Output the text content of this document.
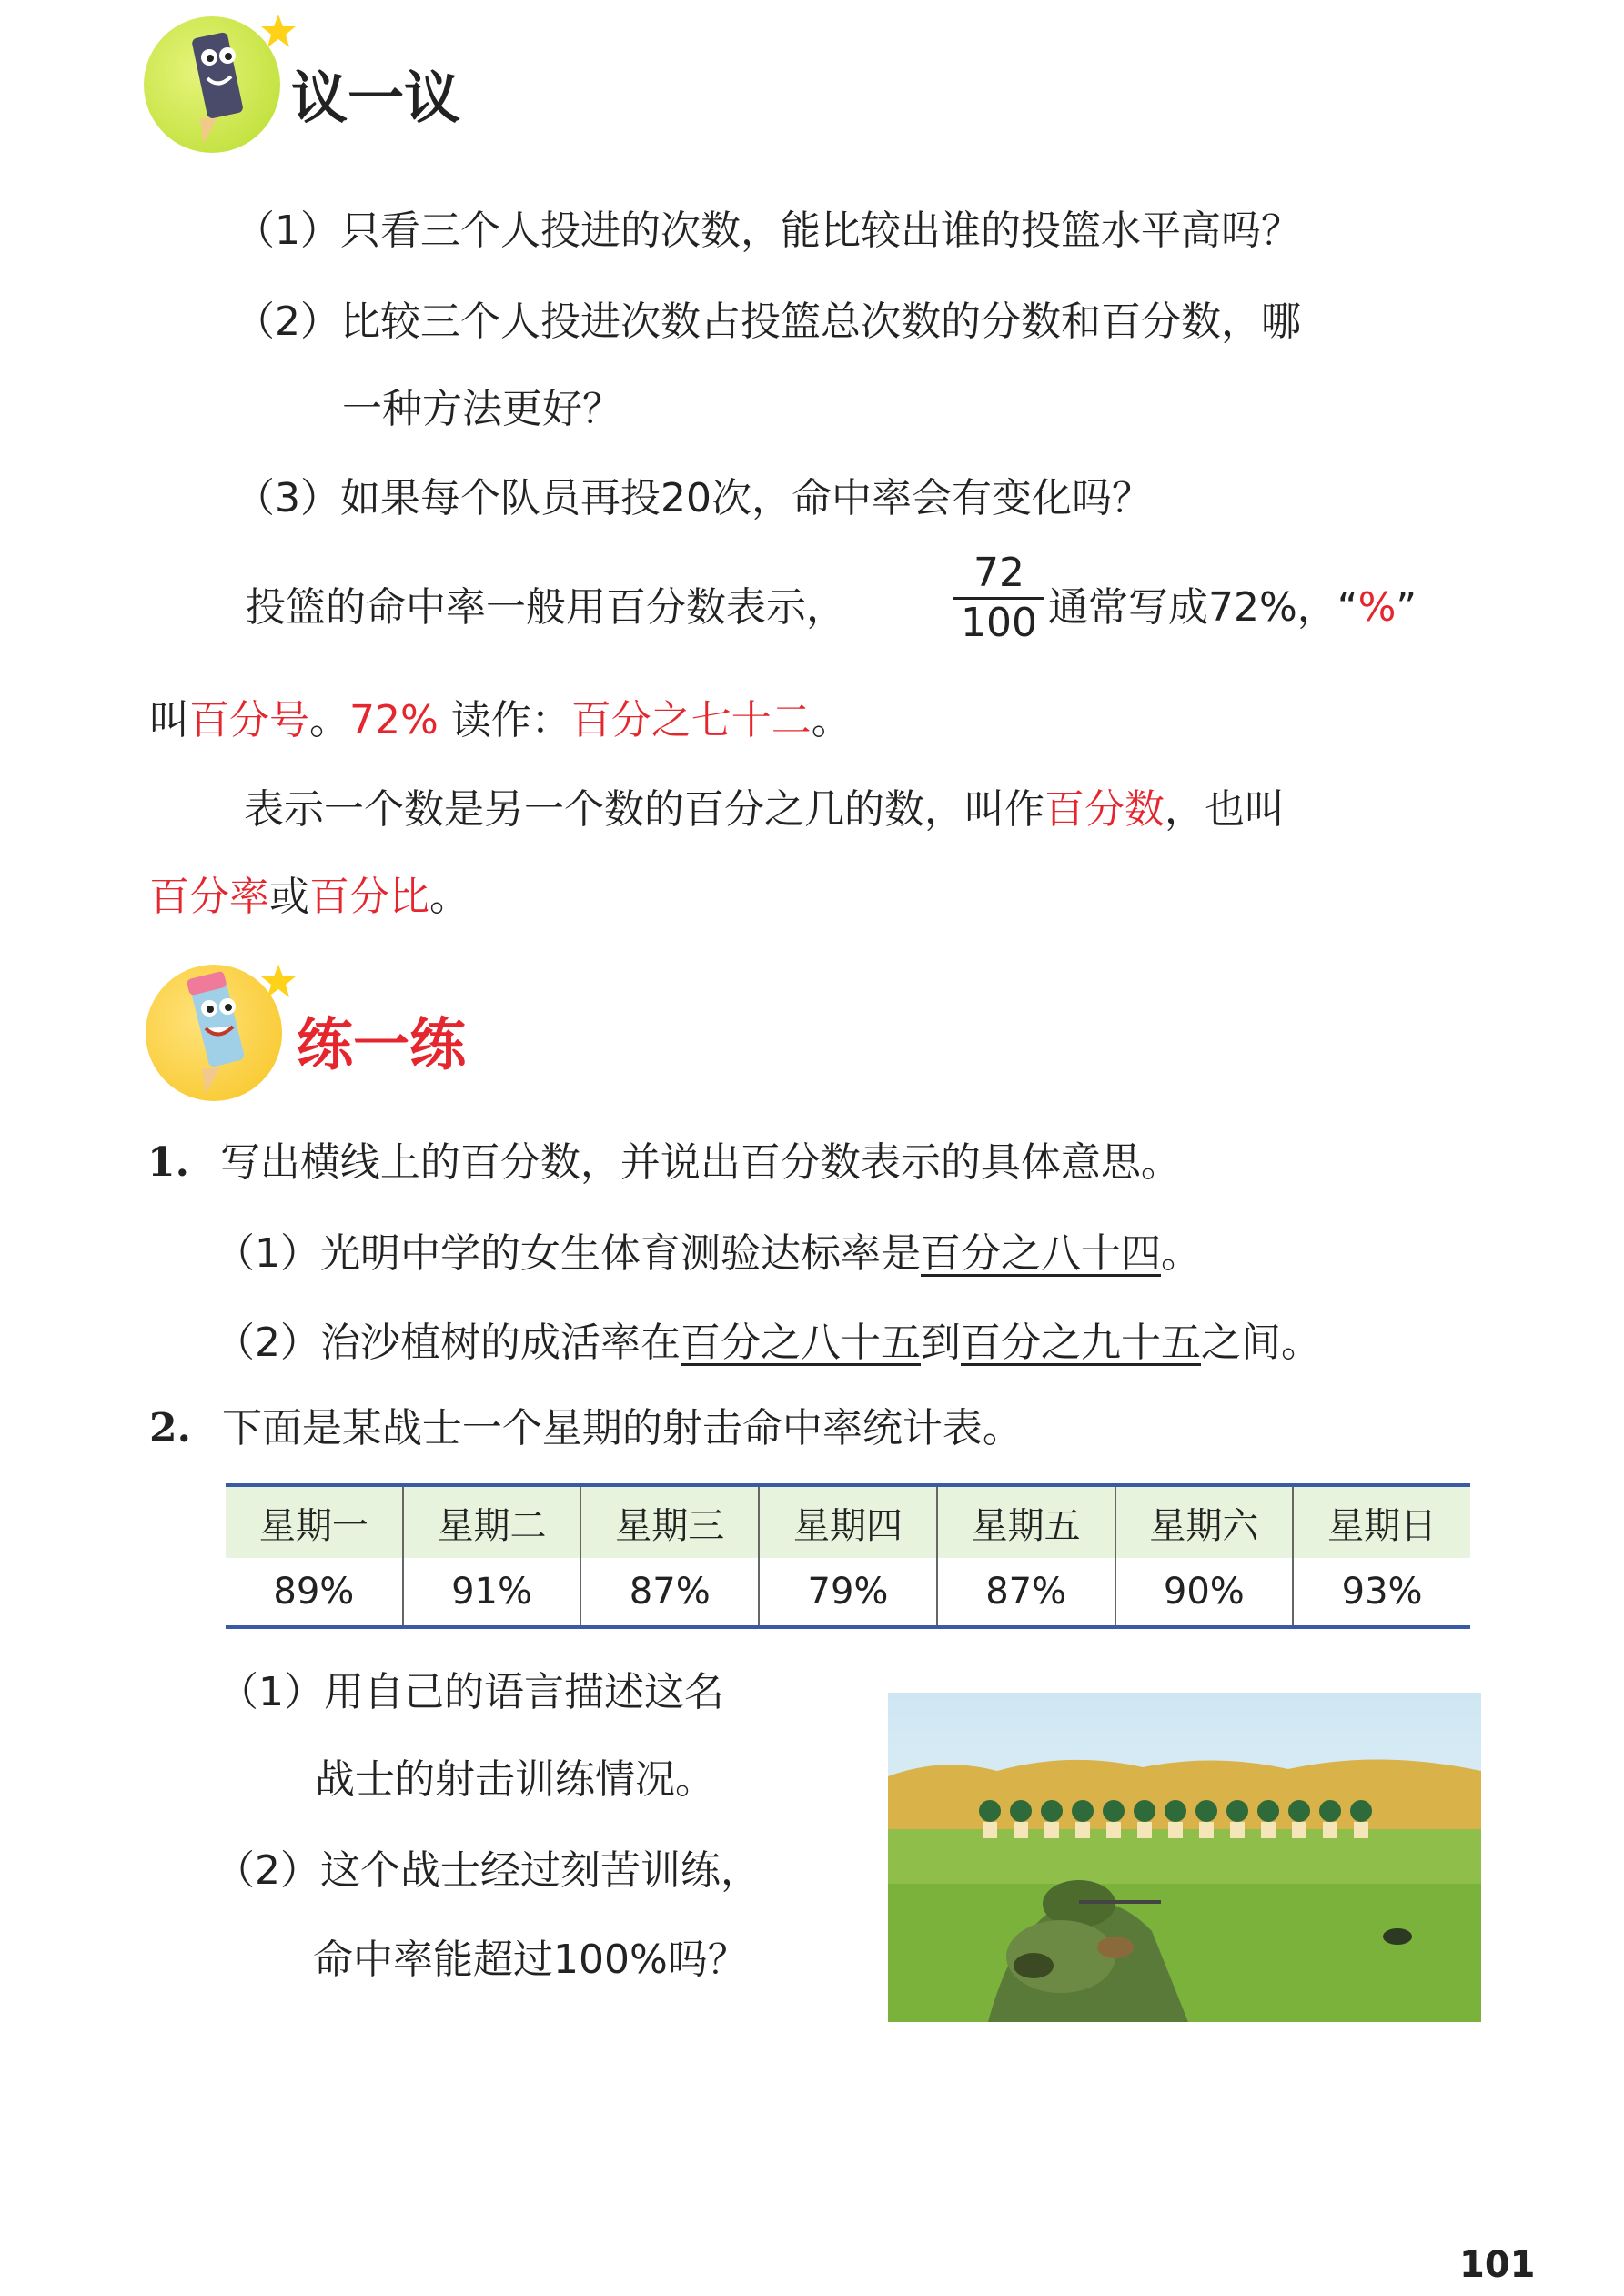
议一议
（1）只看三个人投进的次数，能比较出谁的投篮水平高吗？
（2）比较三个人投进次数占投篮总次数的分数和百分数，哪
一种方法更好？
（3）如果每个队员再投20次，命中率会有变化吗？
投篮的命中率一般用百分数表示，	$\frac{72}{100}$ 通常写成72%，“%”
叫百分号。72% 读作：百分之七十二。
表示一个数是另一个数的百分之几的数，叫作百分数，也叫
百分率或百分比。
练一练
1. 写出横线上的百分数，并说出百分数表示的具体意思。
（1）光明中学的女生体育测验达标率是百分之八十四。
（2）治沙植树的成活率在百分之八十五到百分之九十五之间。
2. 下面是某战士一个星期的射击命中率统计表。
星期一	星期二	星期三	星期四	星期五	星期六	星期日
89%	91%	87%	79%	87%	90%	93%
（1）用自己的语言描述这名
战士的射击训练情况。
（2）这个战士经过刻苦训练，
命中率能超过100%吗？
101
